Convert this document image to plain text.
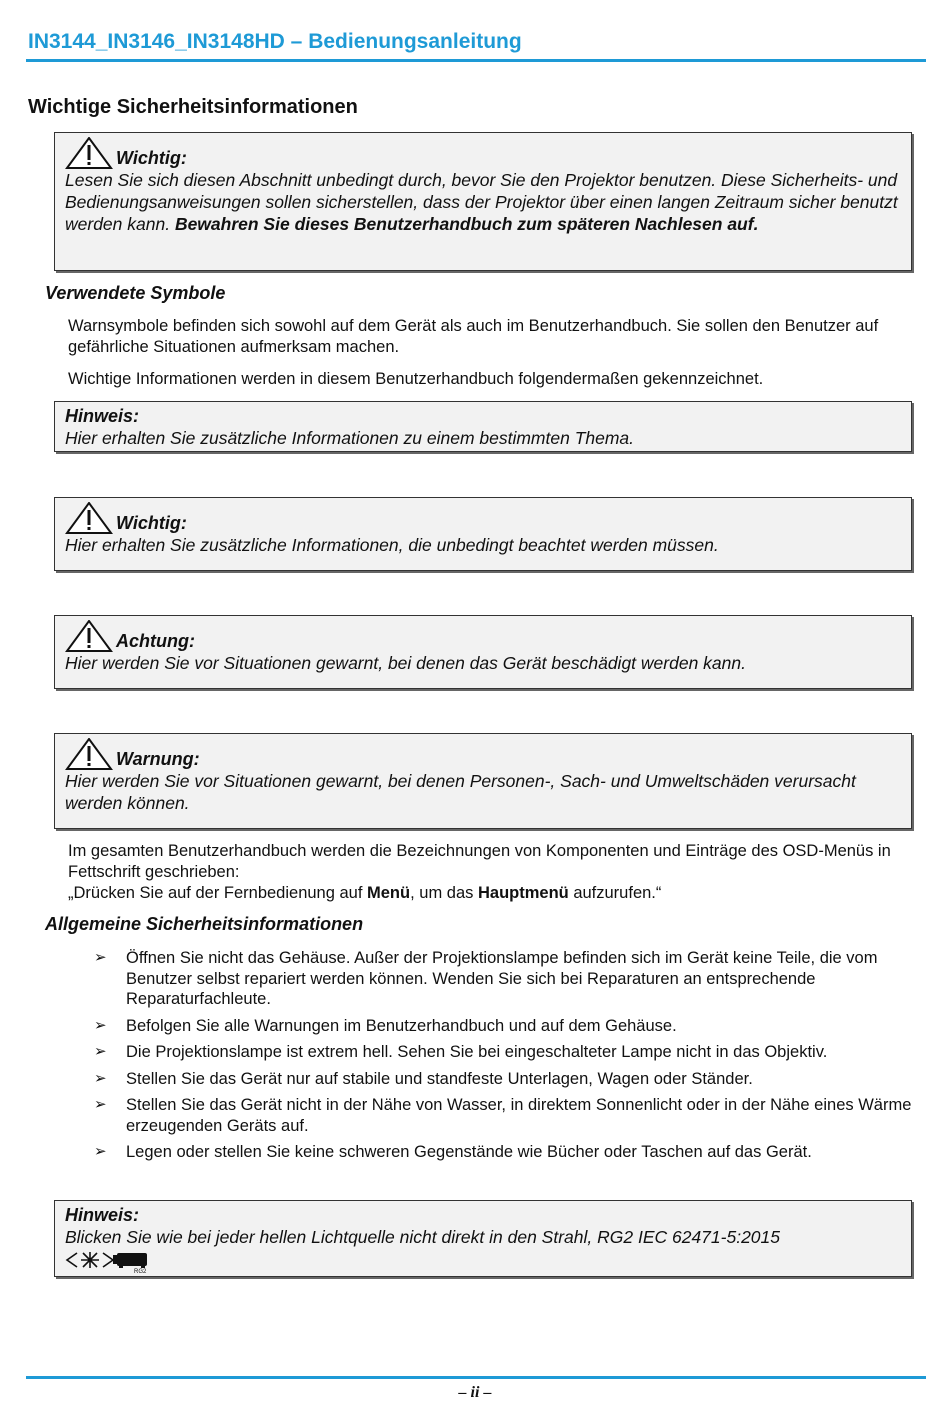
IN3144_IN3146_IN3148HD – Bedienungsanleitung
Wichtige Sicherheitsinformationen
Wichtig:
Lesen Sie sich diesen Abschnitt unbedingt durch, bevor Sie den Projektor benutzen. Diese Sicherheits- und Bedienungsanweisungen sollen sicherstellen, dass der Projektor über einen langen Zeitraum sicher benutzt werden kann. Bewahren Sie dieses Benutzerhandbuch zum späteren Nachlesen auf.
Verwendete Symbole
Warnsymbole befinden sich sowohl auf dem Gerät als auch im Benutzerhandbuch. Sie sollen den Benutzer auf gefährliche Situationen aufmerksam machen.
Wichtige Informationen werden in diesem Benutzerhandbuch folgendermaßen gekennzeichnet.
Hinweis:
Hier erhalten Sie zusätzliche Informationen zu einem bestimmten Thema.
Wichtig:
Hier erhalten Sie zusätzliche Informationen, die unbedingt beachtet werden müssen.
Achtung:
Hier werden Sie vor Situationen gewarnt, bei denen das Gerät beschädigt werden kann.
Warnung:
Hier werden Sie vor Situationen gewarnt, bei denen Personen-, Sach- und Umweltschäden verursacht werden können.
Im gesamten Benutzerhandbuch werden die Bezeichnungen von Komponenten und Einträge des OSD-Menüs in Fettschrift geschrieben:
„Drücken Sie auf der Fernbedienung auf Menü, um das Hauptmenü aufzurufen.“
Allgemeine Sicherheitsinformationen
➢	Öffnen Sie nicht das Gehäuse. Außer der Projektionslampe befinden sich im Gerät keine Teile, die vom Benutzer selbst repariert werden können. Wenden Sie sich bei Reparaturen an entsprechende Reparaturfachleute.
➢	Befolgen Sie alle Warnungen im Benutzerhandbuch und auf dem Gehäuse.
➢	Die Projektionslampe ist extrem hell. Sehen Sie bei eingeschalteter Lampe nicht in das Objektiv.
➢	Stellen Sie das Gerät nur auf stabile und standfeste Unterlagen, Wagen oder Ständer.
➢	Stellen Sie das Gerät nicht in der Nähe von Wasser, in direktem Sonnenlicht oder in der Nähe eines Wärme erzeugenden Geräts auf.
➢	Legen oder stellen Sie keine schweren Gegenstände wie Bücher oder Taschen auf das Gerät.
Hinweis:
Blicken Sie wie bei jeder hellen Lichtquelle nicht direkt in den Strahl, RG2 IEC 62471-5:2015
RG2
– ii –
